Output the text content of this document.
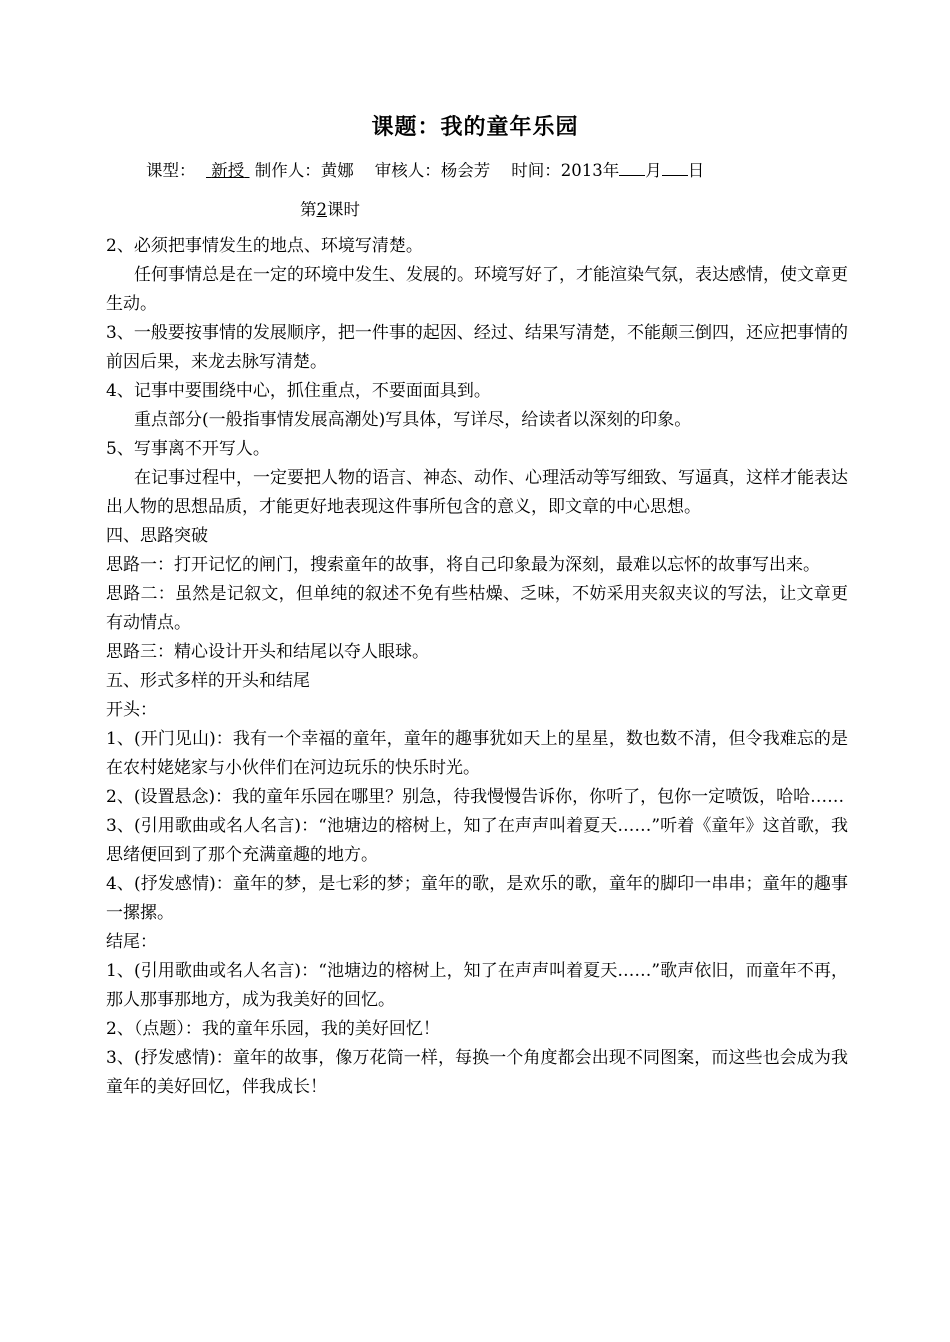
课题：我的童年乐园
课型： 新授 制作人：黄娜 审核人：杨会芳 时间：2013年 月 日
第2课时

2、必须把事情发生的地点、环境写清楚。

任何事情总是在一定的环境中发生、发展的。环境写好了，才能渲染气氛，表达感情，使文章更生动。

3、一般要按事情的发展顺序，把一件事的起因、经过、结果写清楚，不能颠三倒四，还应把事情的前因后果，来龙去脉写清楚。

4、记事中要围绕中心，抓住重点，不要面面具到。

重点部分(一般指事情发展高潮处)写具体，写详尽，给读者以深刻的印象。

5、写事离不开写人。

在记事过程中，一定要把人物的语言、神态、动作、心理活动等写细致、写逼真，这样才能表达出人物的思想品质，才能更好地表现这件事所包含的意义，即文章的中心思想。

四、思路突破

思路一：打开记忆的闸门，搜索童年的故事，将自己印象最为深刻，最难以忘怀的故事写出来。

思路二：虽然是记叙文，但单纯的叙述不免有些枯燥、乏味，不妨采用夹叙夹议的写法，让文章更有动情点。

思路三：精心设计开头和结尾以夺人眼球。

五、形式多样的开头和结尾

开头：

1、(开门见山)：我有一个幸福的童年，童年的趣事犹如天上的星星，数也数不清，但令我难忘的是在农村姥姥家与小伙伴们在河边玩乐的快乐时光。

2、(设置悬念)：我的童年乐园在哪里？别急，待我慢慢告诉你，你听了，包你一定喷饭，哈哈……

3、(引用歌曲或名人名言)：“池塘边的榕树上，知了在声声叫着夏天……”听着《童年》这首歌，我思绪便回到了那个充满童趣的地方。

4、(抒发感情)：童年的梦，是七彩的梦；童年的歌，是欢乐的歌，童年的脚印一串串；童年的趣事一摞摞。

结尾：

1、(引用歌曲或名人名言)：“池塘边的榕树上，知了在声声叫着夏天……”歌声依旧，而童年不再，那人那事那地方，成为我美好的回忆。

2、（点题）：我的童年乐园，我的美好回忆！

3、(抒发感情)：童年的故事，像万花筒一样，每换一个角度都会出现不同图案，而这些也会成为我童年的美好回忆，伴我成长！
